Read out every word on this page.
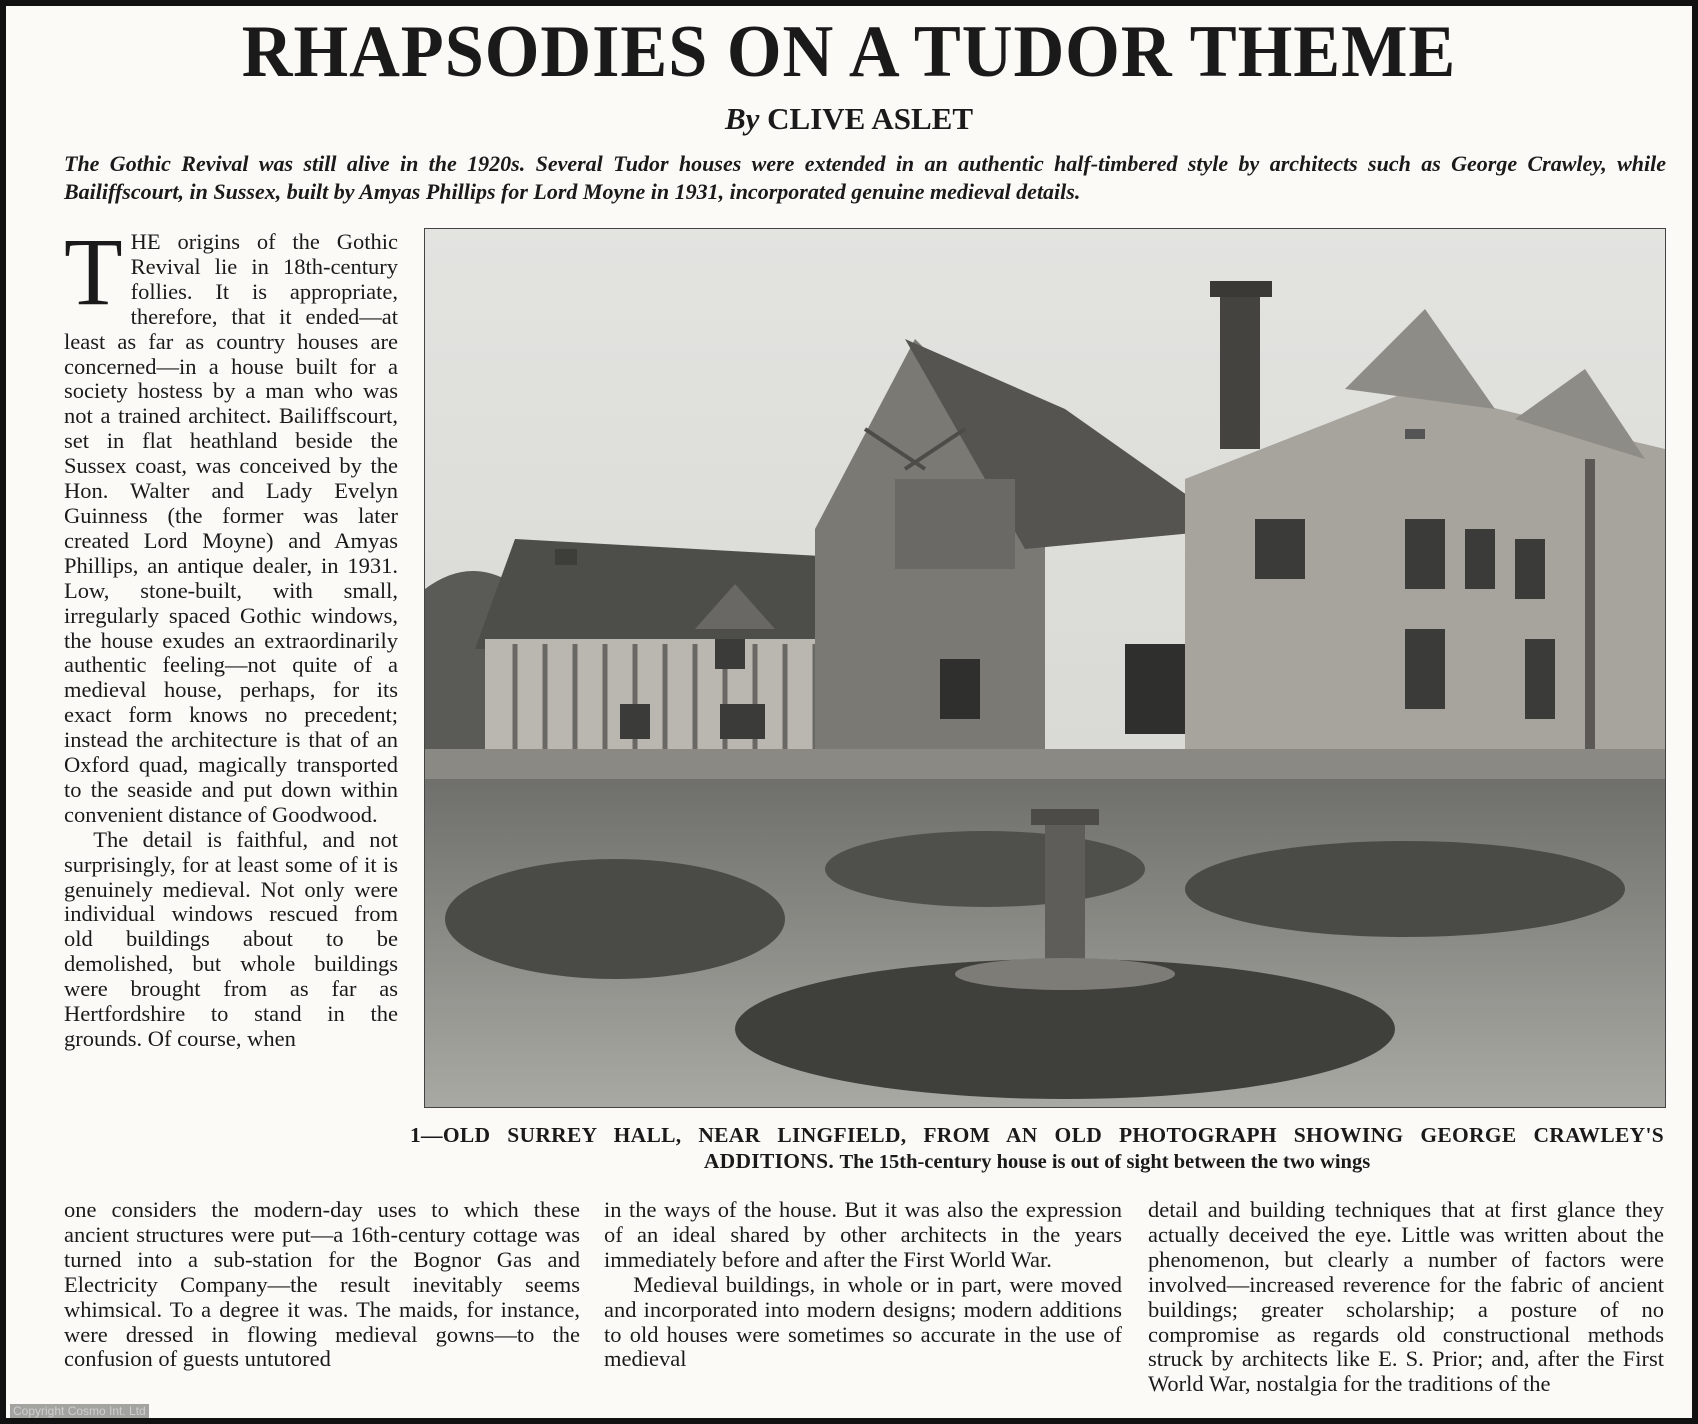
RHAPSODIES ON A TUDOR THEME
By CLIVE ASLET
The Gothic Revival was still alive in the 1920s. Several Tudor houses were extended in an authentic half-timbered style by architects such as George Crawley, while Bailiffscourt, in Sussex, built by Amyas Phillips for Lord Moyne in 1931, incorporated genuine medieval details.

THE origins of the Gothic Revival lie in 18th-century follies. It is appropriate, therefore, that it ended—at least as far as country houses are concerned—in a house built for a society hostess by a man who was not a trained architect. Bailiffscourt, set in flat heathland beside the Sussex coast, was conceived by the Hon. Walter and Lady Evelyn Guinness (the former was later created Lord Moyne) and Amyas Phillips, an antique dealer, in 1931. Low, stone-built, with small, irregularly spaced Gothic windows, the house exudes an extraordinarily authentic feeling—not quite of a medieval house, perhaps, for its exact form knows no precedent; instead the architecture is that of an Oxford quad, magically transported to the seaside and put down within convenient distance of Goodwood.

The detail is faithful, and not surprisingly, for at least some of it is genuinely medieval. Not only were individual windows rescued from old buildings about to be demolished, but whole buildings were brought from as far as Hertfordshire to stand in the grounds. Of course, when

1—OLD SURREY HALL, NEAR LINGFIELD, FROM AN OLD PHOTOGRAPH SHOWING GEORGE CRAWLEY'S ADDITIONS. The 15th-century house is out of sight between the two wings

one considers the modern-day uses to which these ancient structures were put—a 16th-century cottage was turned into a sub-station for the Bognor Gas and Electricity Company—the result inevitably seems whimsical. To a degree it was. The maids, for instance, were dressed in flowing medieval gowns—to the confusion of guests untutored

in the ways of the house. But it was also the expression of an ideal shared by other architects in the years immediately before and after the First World War.

Medieval buildings, in whole or in part, were moved and incorporated into modern designs; modern additions to old houses were sometimes so accurate in the use of medieval

detail and building techniques that at first glance they actually deceived the eye. Little was written about the phenomenon, but clearly a number of factors were involved—increased reverence for the fabric of ancient buildings; greater scholarship; a posture of no compromise as regards old constructional methods struck by architects like E. S. Prior; and, after the First World War, nostalgia for the traditions of the

Copyright Cosmo Int. Ltd
